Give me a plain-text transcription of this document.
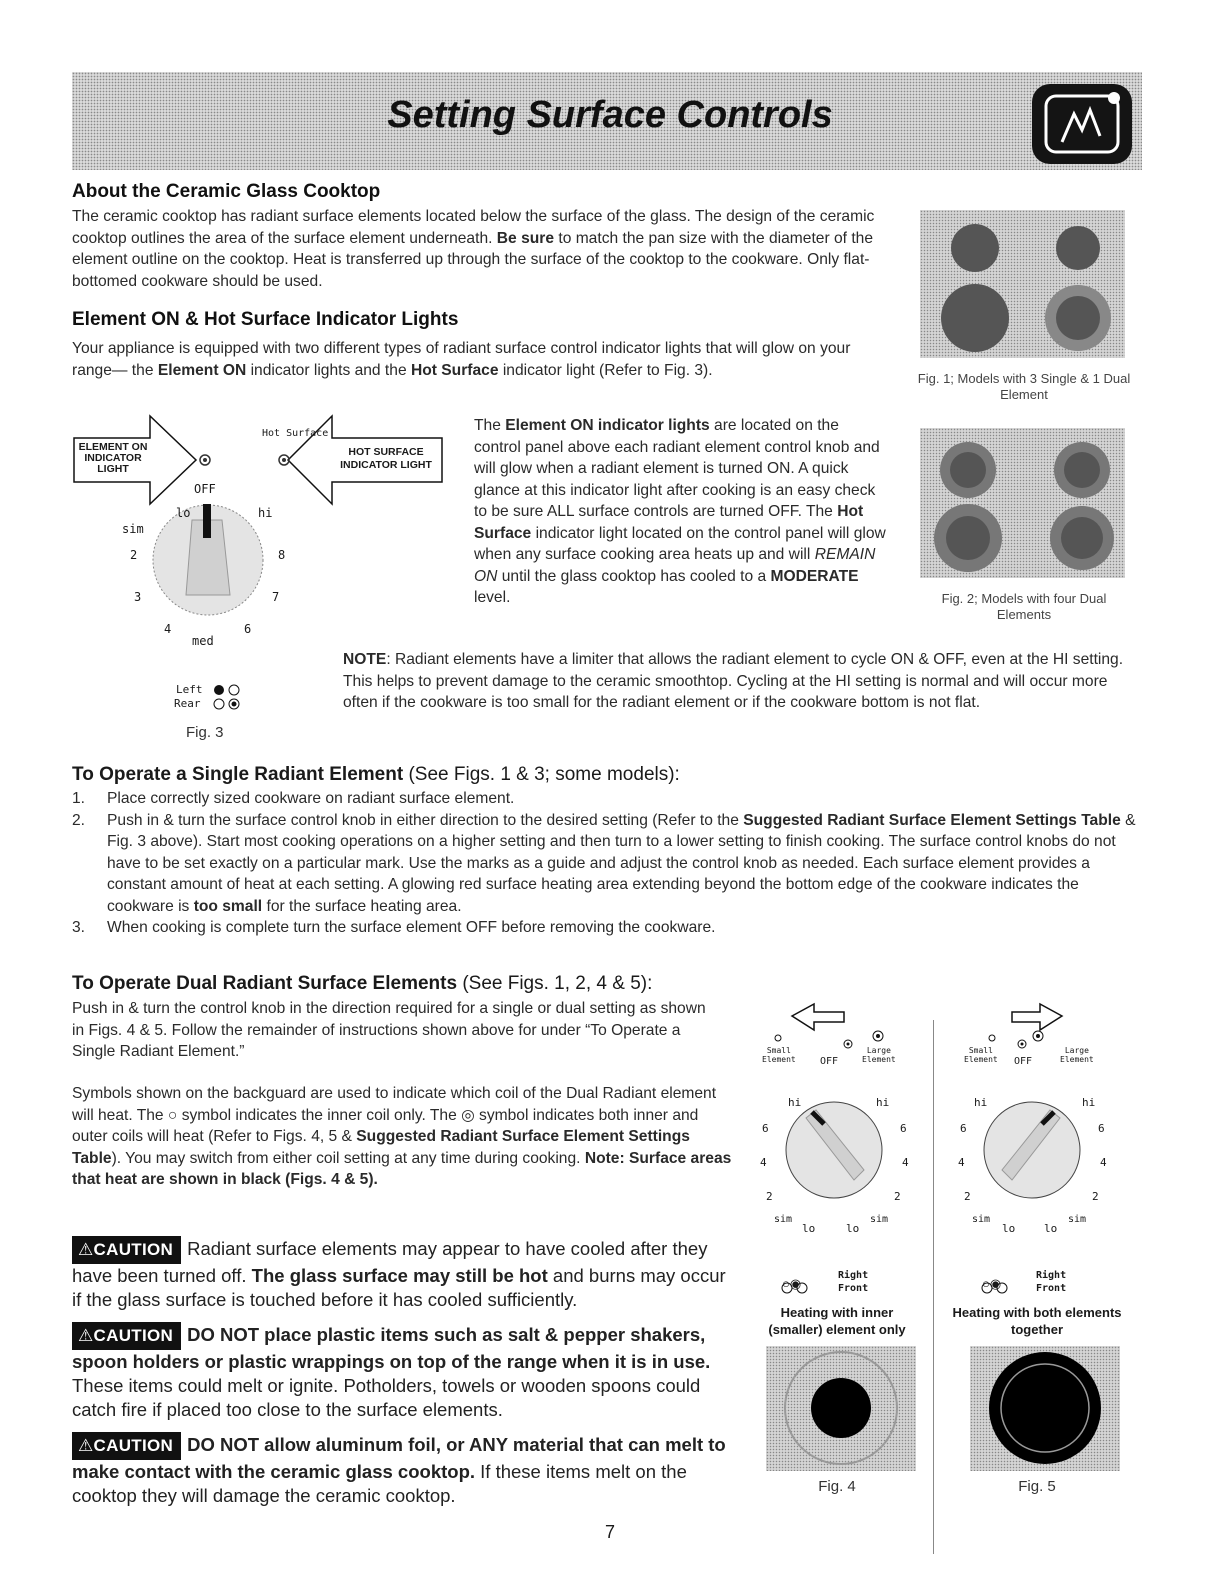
Setting Surface Controls
About the Ceramic Glass Cooktop

The ceramic cooktop has radiant surface elements located below the surface of the glass. The design of the ceramic cooktop outlines the area of the surface element underneath. Be sure to match the pan size with the diameter of the element outline on the cooktop. Heat is transferred up through the surface of the cooktop to the cookware. Only flat-bottomed cookware should be used.

Element ON & Hot Surface Indicator Lights

Your appliance is equipped with two different types of radiant surface control indicator lights that will glow on your range— the Element ON indicator lights and the Hot Surface indicator light (Refer to Fig. 3).	Fig. 1; Models with 3 Single & 1 Dual Element
Fig. 2; Models with four Dual Elements
ELEMENT ON INDICATOR LIGHT
HOT SURFACE INDICATOR LIGHT
Hot Surface
OFF
lo	hi
sim
2	8
3	7
4	6
med
Left
Rear
Fig. 3

The Element ON indicator lights are located on the control panel above each radiant element control knob and will glow when a radiant element is turned ON. A quick glance at this indicator light after cooking is an easy check to be sure ALL surface controls are turned OFF. The Hot Surface indicator light located on the control panel will glow when any surface cooking area heats up and will REMAIN ON until the glass cooktop has cooled to a MODERATE level.

NOTE: Radiant elements have a limiter that allows the radiant element to cycle ON & OFF, even at the HI setting. This helps to prevent damage to the ceramic smoothtop. Cycling at the HI setting is normal and will occur more often if the cookware is too small for the radiant element or if the cookware bottom is not flat.

To Operate a Single Radiant Element (See Figs. 1 & 3; some models):
1. Place correctly sized cookware on radiant surface element.
2. Push in & turn the surface control knob in either direction to the desired setting (Refer to the Suggested Radiant Surface Element Settings Table & Fig. 3 above). Start most cooking operations on a higher setting and then turn to a lower setting to finish cooking. The surface control knobs do not have to be set exactly on a particular mark. Use the marks as a guide and adjust the control knob as needed. Each surface element provides a constant amount of heat at each setting. A glowing red surface heating area extending beyond the bottom edge of the cookware indicates the cookware is too small for the surface heating area.
3. When cooking is complete turn the surface element OFF before removing the cookware.
To Operate Dual Radiant Surface Elements (See Figs. 1, 2, 4 & 5):

Push in & turn the control knob in the direction required for a single or dual setting as shown in Figs. 4 & 5. Follow the remainder of instructions shown above for under “To Operate a Single Radiant Element.”

Symbols shown on the backguard are used to indicate which coil of the Dual Radiant element will heat. The ○ symbol indicates the inner coil only. The ◎ symbol indicates both inner and outer coils will heat (Refer to Figs. 4, 5 & Suggested Radiant Surface Element Settings Table). You may switch from either coil setting at any time during cooking. Note: Surface areas that heat are shown in black (Figs. 4 & 5).

⚠CAUTION Radiant surface elements may appear to have cooled after they have been turned off. The glass surface may still be hot and burns may occur if the glass surface is touched before it has cooled sufficiently.

⚠CAUTION DO NOT place plastic items such as salt & pepper shakers, spoon holders or plastic wrappings on top of the range when it is in use. These items could melt or ignite. Potholders, towels or wooden spoons could catch fire if placed too close to the surface elements.

⚠CAUTION DO NOT allow aluminum foil, or ANY material that can melt to make contact with the ceramic glass cooktop. If these items melt on the cooktop they will damage the ceramic cooktop.

Small
Element
Large
Element
OFF
hi	hi
6	6
4	4
2	2
sim	sim
lo	lo
Right
○◉	Front
Heating with inner (smaller) element only
Fig. 4
Small
Element
Large
Element
OFF
hi	hi
6	6
4	4
2	2
sim	sim
lo	lo
Right
○◉	Front
Heating with both elements together
Fig. 5
7
